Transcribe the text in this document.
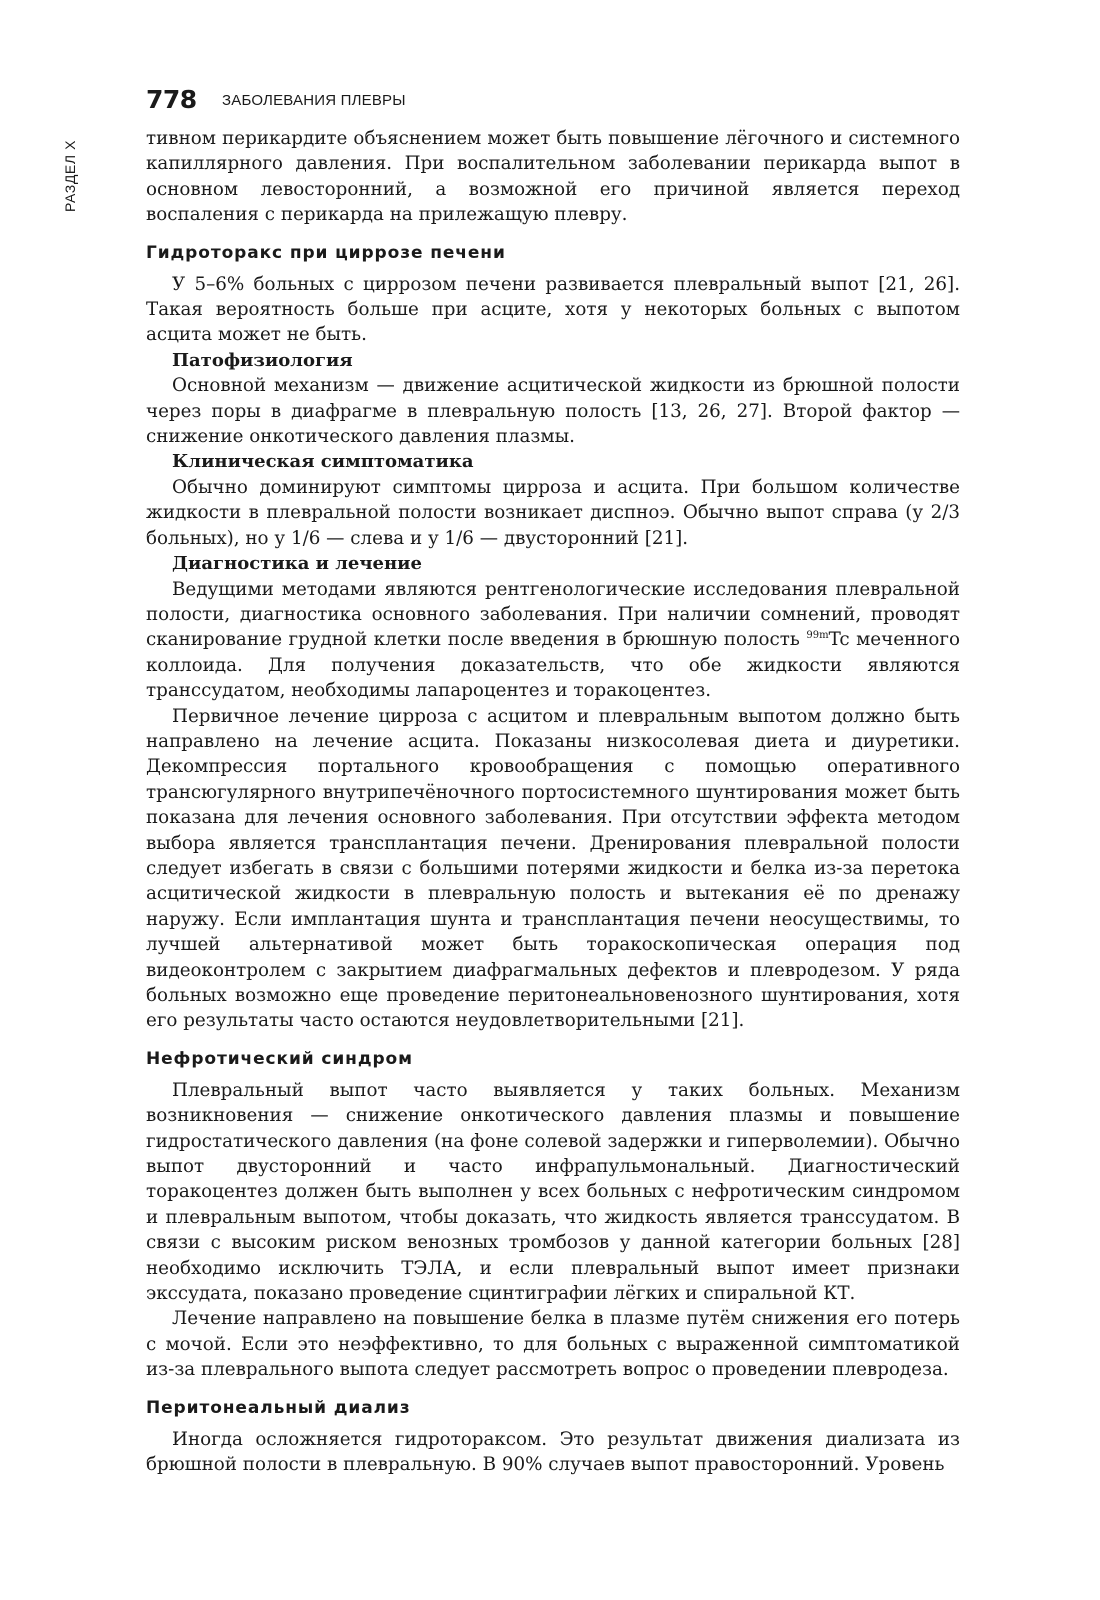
РАЗДЕЛ X
778 ЗАБОЛЕВАНИЯ ПЛЕВРЫ

тивном перикардите объяснением может быть повышение лёгочного и системного капиллярного давления. При воспалительном заболевании перикарда выпот в основном левосторонний, а возможной его причиной является переход воспаления с перикарда на прилежащую плевру.

Гидроторакс при циррозе печени

У 5–6% больных с циррозом печени развивается плевральный выпот [21, 26]. Такая вероятность больше при асците, хотя у некоторых больных с выпотом асцита может не быть.

Патофизиология

Основной механизм — движение асцитической жидкости из брюшной полости через поры в диафрагме в плевральную полость [13, 26, 27]. Второй фактор — снижение онкотического давления плазмы.

Клиническая симптоматика

Обычно доминируют симптомы цирроза и асцита. При большом количестве жидкости в плевральной полости возникает диспноэ. Обычно выпот справа (у 2/3 больных), но у 1/6 — слева и у 1/6 — двусторонний [21].

Диагностика и лечение

Ведущими методами являются рентгенологические исследования плевральной полости, диагностика основного заболевания. При наличии сомнений, проводят сканирование грудной клетки после введения в брюшную полость $^{99m}$Tc меченного коллоида. Для получения доказательств, что обе жидкости являются транссудатом, необходимы лапароцентез и торакоцентез.

Первичное лечение цирроза с асцитом и плевральным выпотом должно быть направлено на лечение асцита. Показаны низкосолевая диета и диуретики. Декомпрессия портального кровообращения с помощью оперативного трансюгулярного внутрипечёночного портосистемного шунтирования может быть показана для лечения основного заболевания. При отсутствии эффекта методом выбора является трансплантация печени. Дренирования плевральной полости следует избегать в связи с большими потерями жидкости и белка из-за перетока асцитической жидкости в плевральную полость и вытекания её по дренажу наружу. Если имплантация шунта и трансплантация печени неосуществимы, то лучшей альтернативой может быть торакоскопическая операция под видеоконтролем с закрытием диафрагмальных дефектов и плевродезом. У ряда больных возможно еще проведение перитонеальновенозного шунтирования, хотя его результаты часто остаются неудовлетворительными [21].

Нефротический синдром

Плевральный выпот часто выявляется у таких больных. Механизм возникновения — снижение онкотического давления плазмы и повышение гидростатического давления (на фоне солевой задержки и гиперволемии). Обычно выпот двусторонний и часто инфрапульмональный. Диагностический торакоцентез должен быть выполнен у всех больных с нефротическим синдромом и плевральным выпотом, чтобы доказать, что жидкость является транссудатом. В связи с высоким риском венозных тромбозов у данной категории больных [28] необходимо исключить ТЭЛА, и если плевральный выпот имеет признаки экссудата, показано проведение сцинтиграфии лёгких и спиральной КТ.

Лечение направлено на повышение белка в плазме путём снижения его потерь с мочой. Если это неэффективно, то для больных с выраженной симптоматикой из-за плеврального выпота следует рассмотреть вопрос о проведении плевродеза.

Перитонеальный диализ

Иногда осложняется гидротораксом. Это результат движения диализата из брюшной полости в плевральную. В 90% случаев выпот правосторонний. Уровень
